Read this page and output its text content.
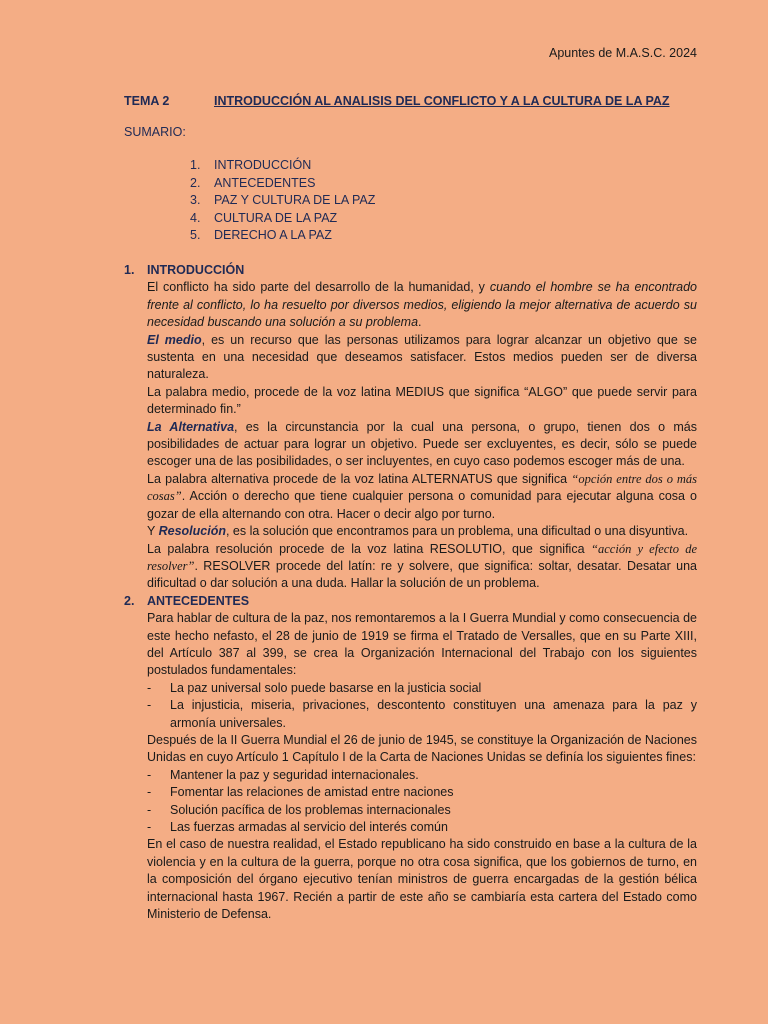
Apuntes de M.A.S.C. 2024
TEMA 2	INTRODUCCIÓN AL ANALISIS DEL CONFLICTO Y A LA CULTURA DE LA PAZ
SUMARIO:
1. INTRODUCCIÓN
2. ANTECEDENTES
3. PAZ Y CULTURA DE LA PAZ
4. CULTURA DE LA PAZ
5. DERECHO A LA PAZ
1. INTRODUCCIÓN
El conflicto ha sido parte del desarrollo de la humanidad, y cuando el hombre se ha encontrado frente al conflicto, lo ha resuelto por diversos medios, eligiendo la mejor alternativa de acuerdo su necesidad buscando una solución a su problema.
El medio, es un recurso que las personas utilizamos para lograr alcanzar un objetivo que se sustenta en una necesidad que deseamos satisfacer. Estos medios pueden ser de diversa naturaleza.
La palabra medio, procede de la voz latina MEDIUS que significa “ALGO” que puede servir para determinado fin.”
La Alternativa, es la circunstancia por la cual una persona, o grupo, tienen dos o más posibilidades de actuar para lograr un objetivo. Puede ser excluyentes, es decir, sólo se puede escoger una de las posibilidades, o ser incluyentes, en cuyo caso podemos escoger más de una.
La palabra alternativa procede de la voz latina ALTERNATUS que significa “opción entre dos o más cosas”. Acción o derecho que tiene cualquier persona o comunidad para ejecutar alguna cosa o gozar de ella alternando con otra. Hacer o decir algo por turno.
Y Resolución, es la solución que encontramos para un problema, una dificultad o una disyuntiva.
La palabra resolución procede de la voz latina RESOLUTIO, que significa “acción y efecto de resolver”. RESOLVER procede del latín: re y solvere, que significa: soltar, desatar. Desatar una dificultad o dar solución a una duda. Hallar la solución de un problema.
2. ANTECEDENTES
Para hablar de cultura de la paz, nos remontaremos a la I Guerra Mundial y como consecuencia de este hecho nefasto, el 28 de junio de 1919 se firma el Tratado de Versalles, que en su Parte XIII, del Artículo 387 al 399, se crea la Organización Internacional del Trabajo con los siguientes postulados fundamentales:
-	La paz universal solo puede basarse en la justicia social
-	La injusticia, miseria, privaciones, descontento constituyen una amenaza para la paz y armonía universales.
Después de la II Guerra Mundial el 26 de junio de 1945, se constituye la Organización de Naciones Unidas en cuyo Artículo 1 Capítulo I de la Carta de Naciones Unidas se definía los siguientes fines:
-	Mantener la paz y seguridad internacionales.
-	Fomentar las relaciones de amistad entre naciones
-	Solución pacífica de los problemas internacionales
-	Las fuerzas armadas al servicio del interés común
En el caso de nuestra realidad, el Estado republicano ha sido construido en base a la cultura de la violencia y en la cultura de la guerra, porque no otra cosa significa, que los gobiernos de turno, en la composición del órgano ejecutivo tenían ministros de guerra encargadas de la gestión bélica internacional hasta 1967. Recién a partir de este año se cambiaría esta cartera del Estado como Ministerio de Defensa.
